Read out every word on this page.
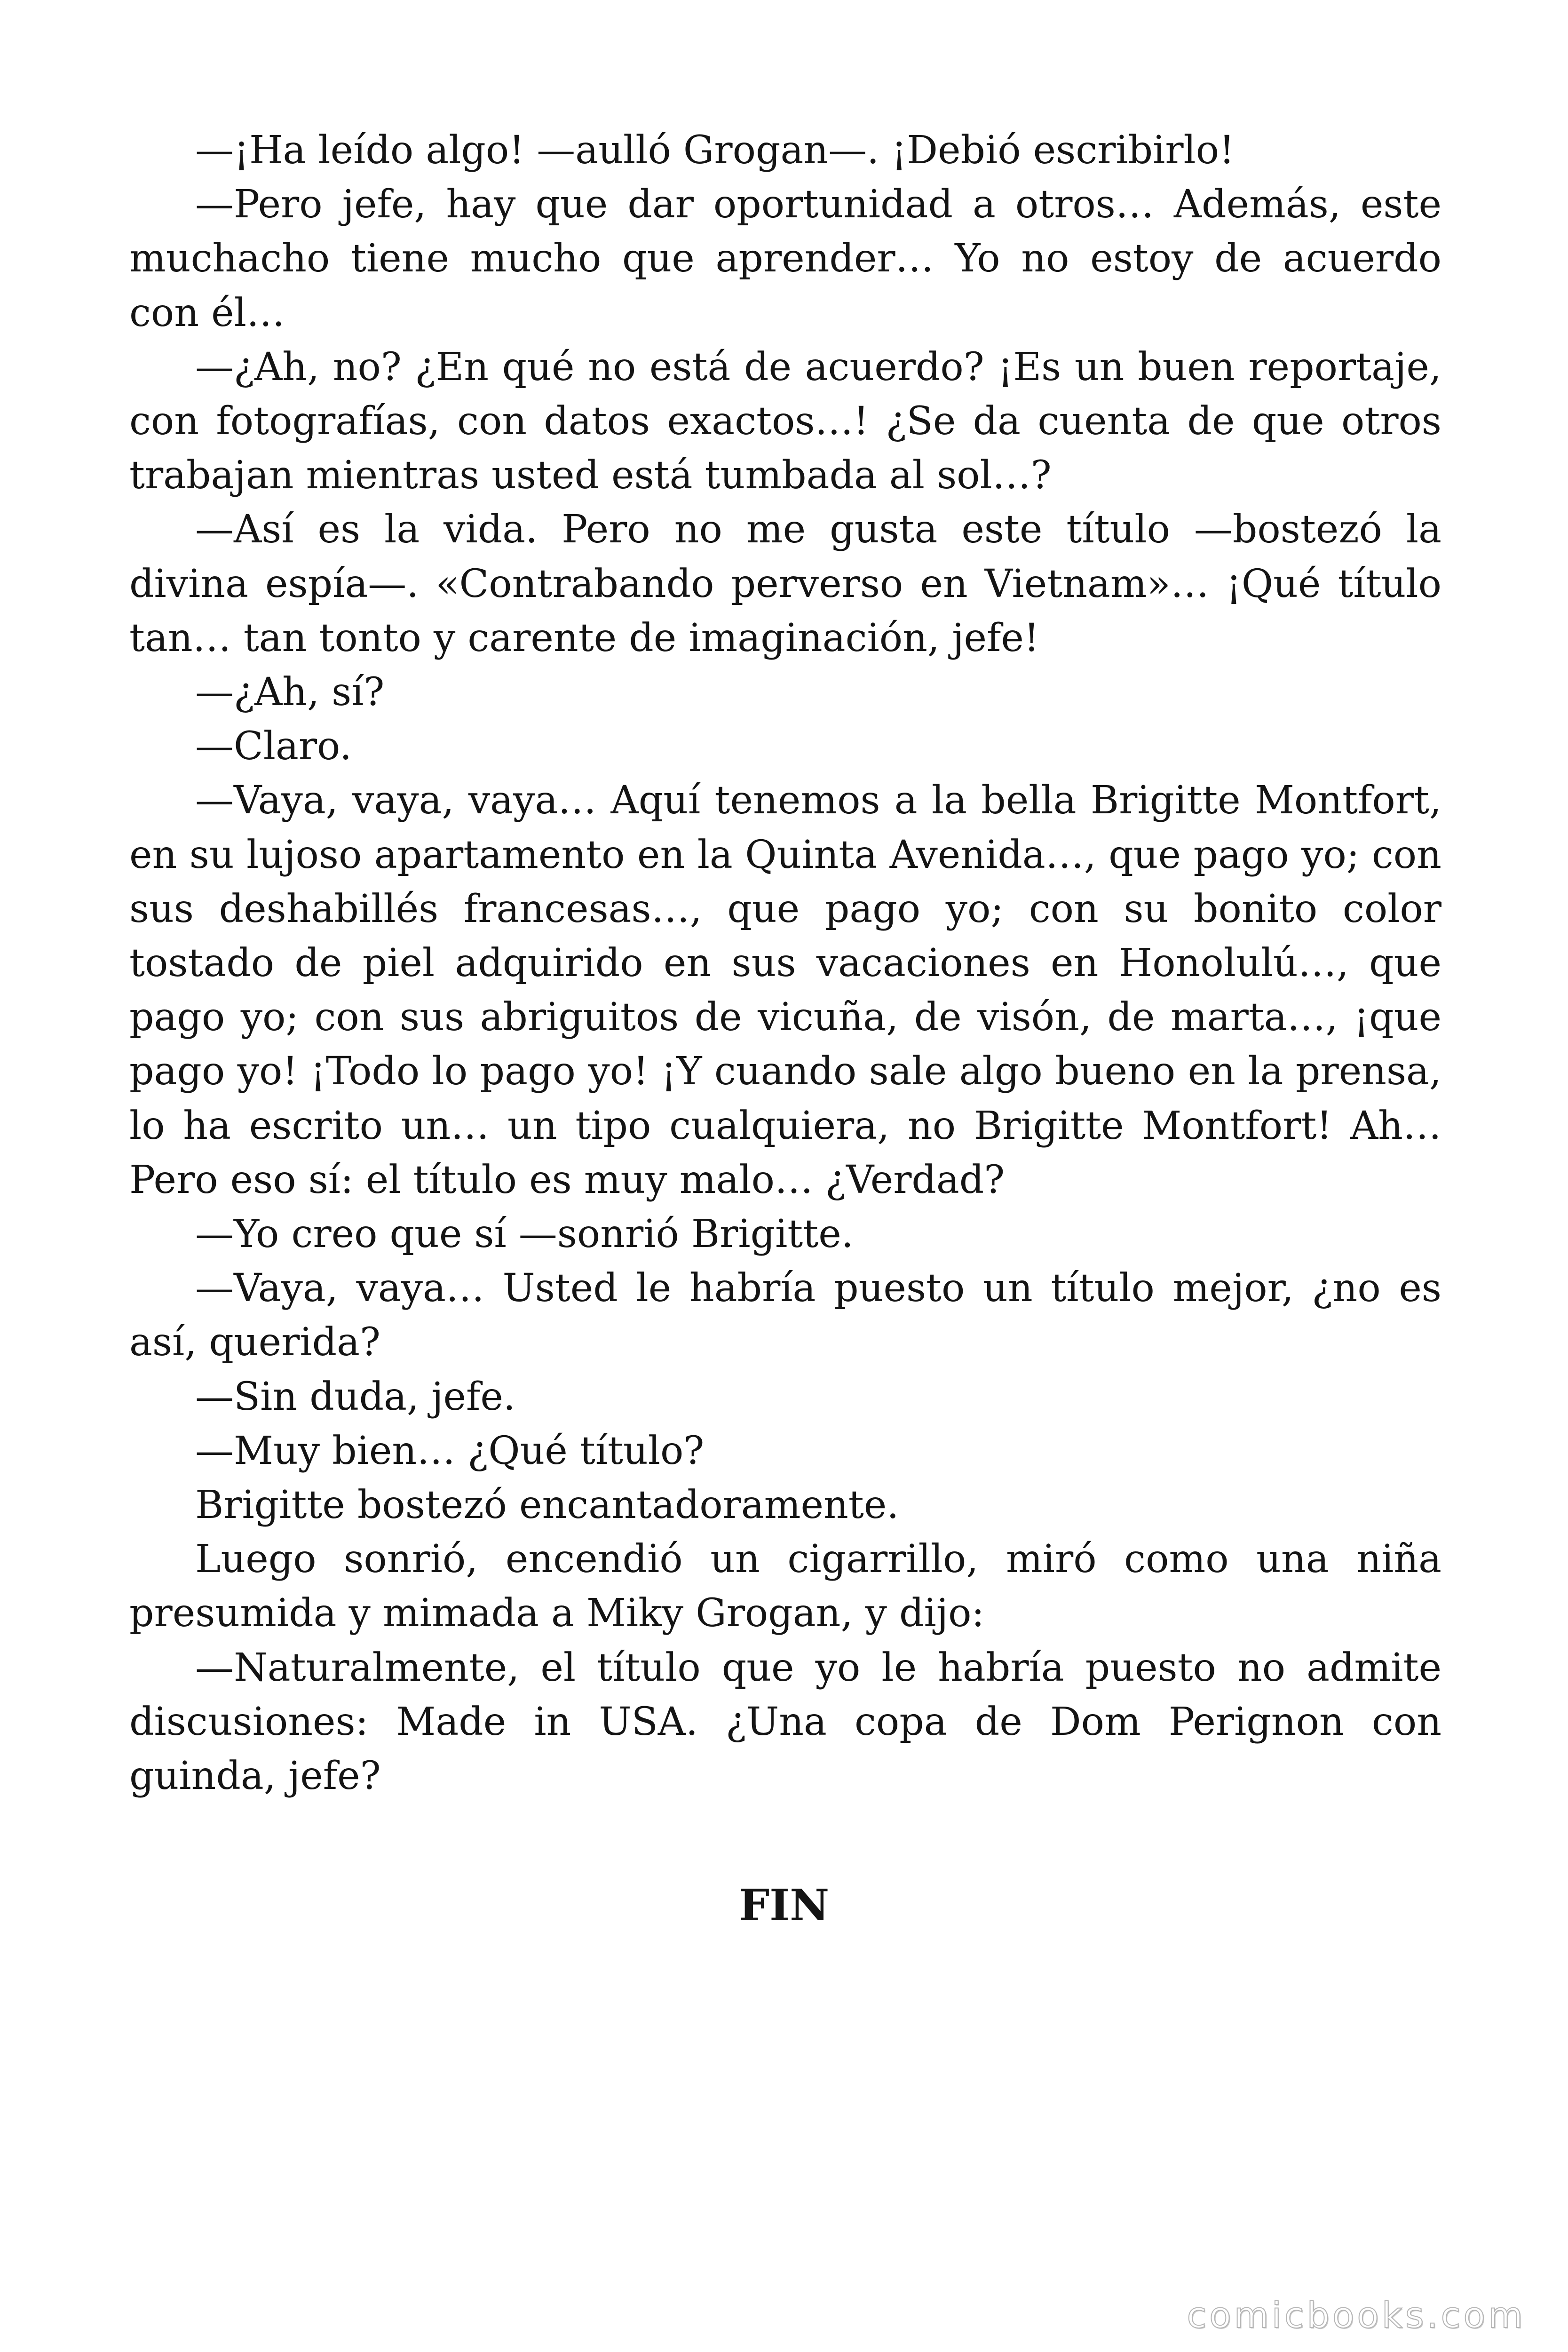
—¡Ha leído algo! —aulló Grogan—. ¡Debió escribirlo!

—Pero jefe, hay que dar oportunidad a otros… Además, este muchacho tiene mucho que aprender… Yo no estoy de acuerdo con él…

—¿Ah, no? ¿En qué no está de acuerdo? ¡Es un buen reportaje, con fotografías, con datos exactos…! ¿Se da cuenta de que otros trabajan mientras usted está tumbada al sol…?

—Así es la vida. Pero no me gusta este título —bostezó la divina espía—. «Contrabando perverso en Vietnam»… ¡Qué título tan… tan tonto y carente de imaginación, jefe!

—¿Ah, sí?

—Claro.

—Vaya, vaya, vaya… Aquí tenemos a la bella Brigitte Montfort, en su lujoso apartamento en la Quinta Avenida…, que pago yo; con sus deshabillés francesas…, que pago yo; con su bonito color tostado de piel adquirido en sus vacaciones en Honolulú…, que pago yo; con sus abriguitos de vicuña, de visón, de marta…, ¡que pago yo! ¡Todo lo pago yo! ¡Y cuando sale algo bueno en la prensa, lo ha escrito un… un tipo cualquiera, no Brigitte Montfort! Ah… Pero eso sí: el título es muy malo… ¿Verdad?

—Yo creo que sí —sonrió Brigitte.

—Vaya, vaya… Usted le habría puesto un título mejor, ¿no es así, querida?

—Sin duda, jefe.

—Muy bien… ¿Qué título?

Brigitte bostezó encantadoramente.

Luego sonrió, encendió un cigarrillo, miró como una niña presumida y mimada a Miky Grogan, y dijo:

—Naturalmente, el título que yo le habría puesto no admite discusiones: Made in USA. ¿Una copa de Dom Perignon con guinda, jefe?

FIN
comicbooks.com
